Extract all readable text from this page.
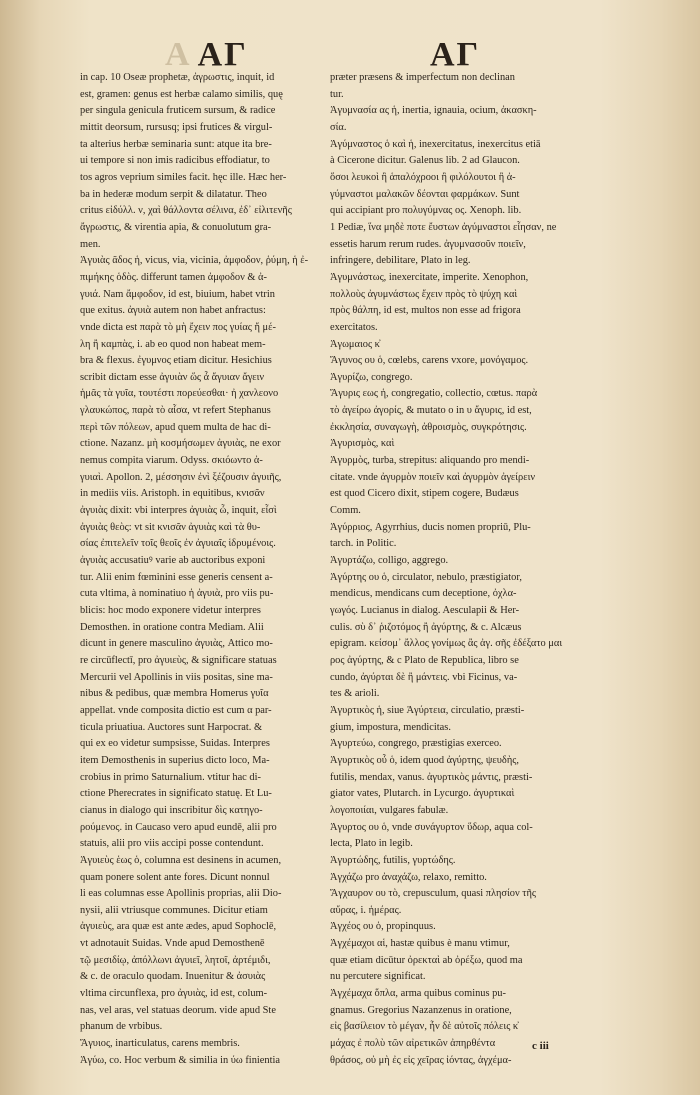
A ΑΓ	ΑΓ
in cap. 10 Oseæ prophetæ, ἀγρωστις, inquit, id
est, gramen: genus est herbæ calamo similis, quę
per singula genicula fruticem sursum, & radice
mittit deorsum, rursusq; ipsi frutices & virgul-
ta alterius herbæ seminaria sunt: atque ita bre-
ui tempore si non imis radicibus effodiatur, to
tos agros veprium similes facit. hęc ille. Hæc her-
ba in hederæ modum serpit & dilatatur. Theo
critus εἰδύλλ. ν, χαὶ θάλλοντα σέλινα, ἐδ᾽ εἰλιτενῆς
ἄγρωστις, & virentia apia, & conuolutum gra-
men.
Ἀγυιὰς ᾶδος ἡ, vicus, via, vicinia, ἀμφοδον, ῥύμη, ἡ ἐ-
πιμήκης ὁδὸς. differunt tamen ἀμφοδον & ἀ-
γυιά. Nam ἄμφοδον, id est, biuium, habet vtrin
que exitus. ἀγυιὰ autem non habet anfractus:
vnde dicta est παρὰ τὸ μὴ ἔχειν πος γυίας ἤ μέ-
λη ἢ καμπὰς, i. ab eo quod non habeat mem-
bra & flexus. ἐγυμνος etiam dicitur. Hesichius
scribit dictam esse ἀγυιὰν ὥς ἆ ἄγυιαν ἄγειν
ἡμᾶς τὰ γυῖα, τουτέστι πορεύεσθαι· ἠ χανλεονο
γλαυκώπος, παρὰ τὸ αἶσα, vt refert Stephanus
περὶ τῶν πόλεων, apud quem multa de hac di-
ctione. Nazanz. μὴ κοσμήσωμεν ἀγυιὰς, ne exor
nemus compita viarum. Odyss. σκιόωντο ἀ-
γυιαὶ. Apollon. 2, μέσσησιν ἐνὶ ξέζουσιν ἀγυιῆς,
in mediis viis. Aristoph. in equitibus, κνισᾶν
ἀγυιὰς dixit: vbi interpres ἀγυιὰς ὦ, inquit, εἶσὶ
ἀγυιὰς θεὸς: vt sit κνισᾶν ἀγυιὰς καὶ τὰ θυ-
σίας ἐπιτελεῖν τοῖς θεοῖς ἐν ἀγυιαῖς ἱδρυμένοις.
ἀγυιὰς accusatiuꝰ varie ab auctoribus exponi
tur. Alii enim fœminini esse generis censent a-
cuta vltima, à nominatiuo ἡ ἀγυιὰ, pro viis pu-
blicis: hoc modo exponere videtur interpres
Demosthen. in oratione contra Mediam. Alii
dicunt in genere masculino ἀγυιὰς, Attico mo-
re circūflectī, pro ἀγυιεὺς, & significare statuas
Mercurii vel Apollinis in viis positas, sine ma-
nibus & pedibus, quæ membra Homerus γυῖα
appellat. vnde composita dictio est cum α par-
ticula priuatiua. Auctores sunt Harpocrat. &
qui ex eo videtur sumpsisse, Suidas. Interpres
item Demosthenis in superius dicto loco, Ma-
crobius in primo Saturnalium. vtitur hac di-
ctione Pherecrates in significato statuę. Et Lu-
cianus in dialogo qui inscribitur δὶς κατηγο-
ρούμενος. in Caucaso vero apud eundē, alii pro
statuis, alii pro viis accipi posse contendunt.
Ἀγυιεὺς ἑως ὁ, columna est desinens in acumen,
quam ponere solent ante fores. Dicunt nonnul
li eas columnas esse Apollinis proprias, alii Dio-
nysii, alii vtriusque communes. Dicitur etiam
ἀγυιεὺς, ara quæ est ante ædes, apud Sophoclē,
vt adnotauit Suidas. Vnde apud Demosthenē
τῷ μεσιδίῳ, ἀπόλλωνι ἀγυιεῖ, λητοῖ, ἀρτέμιδι,
& c. de oraculo quodam. Inuenitur & ἀσυιὰς
vltima circunflexa, pro ἀγυιὰς, id est, colum-
nas, vel aras, vel statuas deorum. vide apud Ste
phanum de vrbibus.
Ἄγυιος, inarticulatus, carens membris.
Ἀγύω, co. Hoc verbum & similia in ύω finientia
præter præsens & imperfectum non declinan
tur.
Ἀγυμνασία ας ἡ, inertia, ignauia, ocium, ἀκασκη-
σία.
Ἀγύμναστος ὁ καὶ ἡ, inexercitatus, inexercitus etiā
à Cicerone dicitur. Galenus lib. 2 ad Glaucon.
ὅσοι λευκοὶ ἢ ἁπαλόχροοι ἢ φιλόλουτοι ἢ ἀ-
γύμναστοι μαλακῶν δέονται φαρμάκων. Sunt
qui accipiant pro πολυγύμνας ος. Xenoph. lib.
1 Pediæ, ἵνα μηδὲ ποτε ἔυστων ἀγύμναστοι εἶησαν, ne
essetis harum rerum rudes. ἀγυμνασοῦν ποιεῖν,
infringere, debilitare, Plato in leg.
Ἀγυμνάστως, inexercitate, imperite. Xenophon,
πολλοὺς ἀγυμνάστως ἔχειν πρὸς τὸ ψύχη καὶ
πρὸς θάλπη, id est, multos non esse ad frigora
exercitatos.
Ἀγωμαιος κ̓
Ἄγυνος ου ὁ, cœlebs, carens vxore, μονόγαμος.
Ἀγυρίζω, congrego.
Ἄγυρις εως ἡ, congregatio, collectio, cœtus. παρὰ
τὸ ἀγείρω ἀγορίς, & mutato ο in υ ἄγυρις, id est,
ἐκκλησία, συναγωγὴ, ἀθροισμὸς, συγκρότησις.
Ἀγυρισμὸς, καὶ
Ἀγυρμὸς, turba, strepitus: aliquando pro mendi-
citate. vnde ἀγυρμὸν ποιεῖν καὶ ἀγυρμὸν ἀγείρειν
est quod Cicero dixit, stipem cogere, Budæus
Comm.
Ἀγύρριος, Agyrrhius, ducis nomen propriū, Plu-
tarch. in Politic.
Ἀγυρτάζω, colligo, aggrego.
Ἀγύρτης ου ὁ, circulator, nebulo, præstigiator,
mendicus, mendicans cum deceptione, ὀχλα-
γωγός. Lucianus in dialog. Aesculapii & Her-
culis. σὺ δ᾽ ῥιζοτόμος ἢ ἀγύρτης, & c. Alcæus
epigram. κείσομ᾽ ἄλλος γονίμως ἂς ἀγ. σῆς ἐδέξατο μαι
ρος ἀγύρτης, & c Plato de Republica, libro se
cundo, ἀγύρται δὲ ἢ μάντεις. vbi Ficinus, va-
tes & arioli.
Ἀγυρτικὸς ἡ, siue Ἀγύρτεια, circulatio, præsti-
gium, impostura, mendicitas.
Ἀγυρτεύω, congrego, præstigias exerceo.
Ἀγυρτικὸς οὖ ὁ, idem quod ἀγύρτης, ψευδὴς,
futilis, mendax, vanus. ἀγυρτικὸς μάντις, præsti-
giator vates, Plutarch. in Lycurgo. ἀγυρτικαὶ
λογοποιίαι, vulgares fabulæ.
Ἀγυρτος ου ὁ, vnde συνάγυρτον ὕδωρ, aqua col-
lecta, Plato in legib.
Ἀγυρτώδης, futilis, γυρτώδης.
Ἀγχάζω pro ἀναχάζω, relaxo, remitto.
Ἄγχαυρον ου τὸ, crepusculum, quasi πλησίον τῆς
αὔρας, i. ἡμέρας.
Ἀγχέος ου ὁ, propinquus.
Ἀγχέμαχοι αἱ, hastæ quibus è manu vtimur,
quæ etiam dicūtur ὀρεκταὶ ab ὀρέξω, quod ma
nu percutere significat.
Ἀγχέμαχα ὅπλα, arma quibus cominus pu-
gnamus. Gregorius Nazanzenus in oratione,
εἰς βασίλειον τὸ μέγαν, ἦν δὲ αὐτοῖς πόλεις κ̓
μάχας ἐ πολὺ τῶν αἰρετικῶν ἀπηρθέντα
θράσος, οὐ μὴ ἐς εἰς χεῖρας ἰόντας, ἀγχέμα-
c iii
